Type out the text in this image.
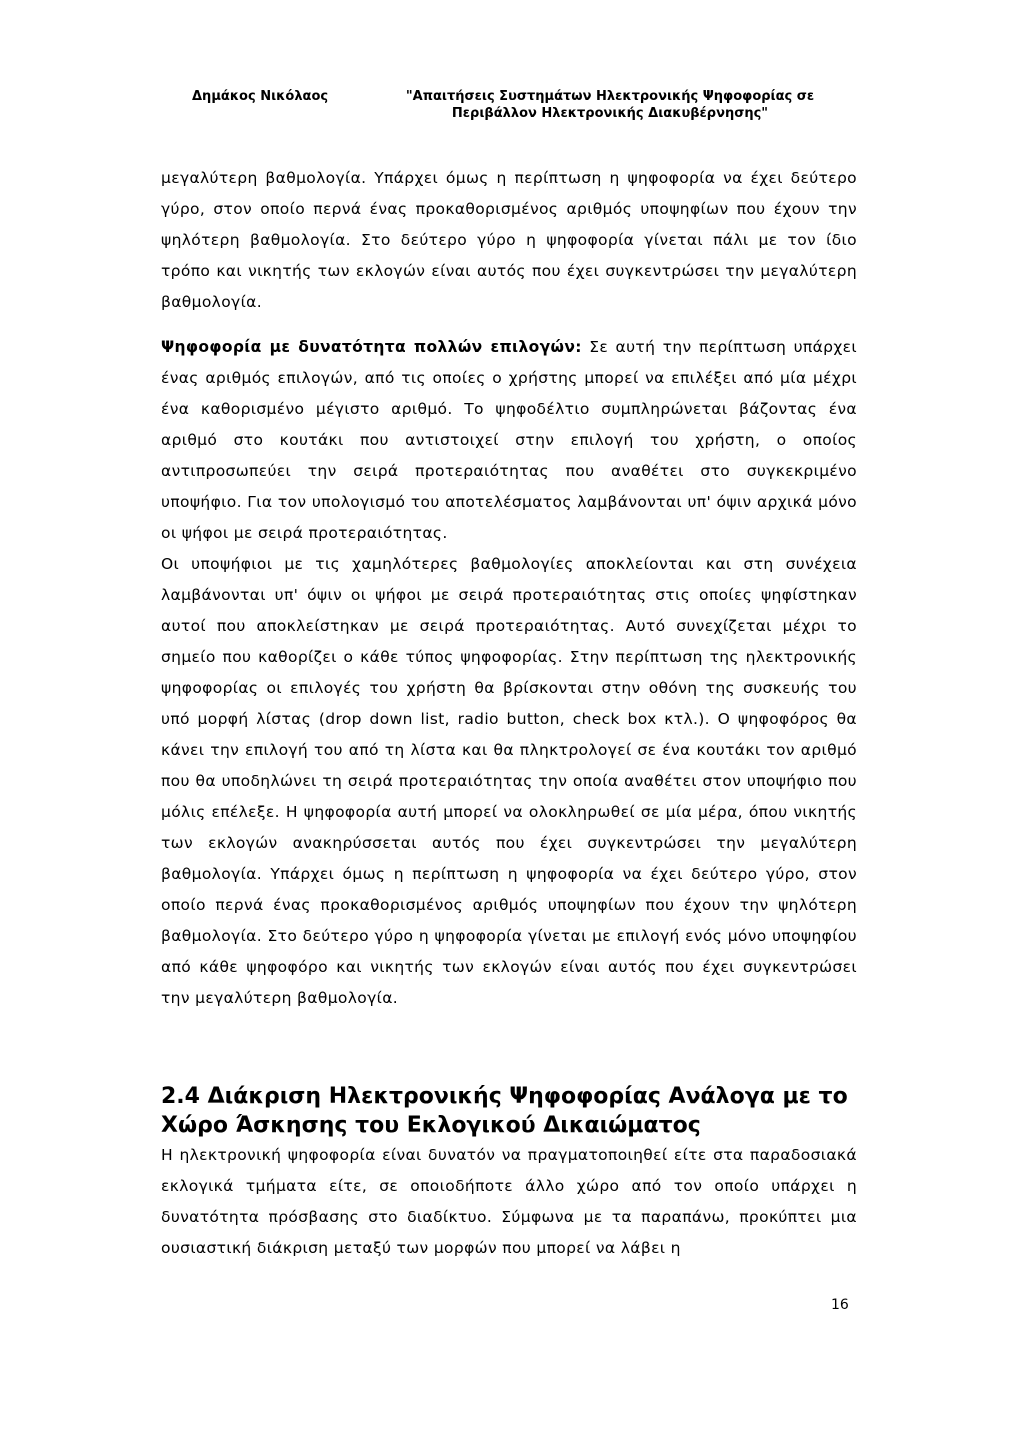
Δημάκος Νικόλαος	"Απαιτήσεις Συστημάτων Ηλεκτρονικής Ψηφοφορίας σε Περιβάλλον Ηλεκτρονικής Διακυβέρνησης"

μεγαλύτερη βαθμολογία. Υπάρχει όμως η περίπτωση η ψηφοφορία να έχει δεύτερο γύρο, στον οποίο περνά ένας προκαθορισμένος αριθμός υποψηφίων που έχουν την ψηλότερη βαθμολογία. Στο δεύτερο γύρο η ψηφοφορία γίνεται πάλι με τον ίδιο τρόπο και νικητής των εκλογών είναι αυτός που έχει συγκεντρώσει την μεγαλύτερη βαθμολογία.

Ψηφοφορία με δυνατότητα πολλών επιλογών: Σε αυτή την περίπτωση υπάρχει ένας αριθμός επιλογών, από τις οποίες ο χρήστης μπορεί να επιλέξει από μία μέχρι ένα καθορισμένο μέγιστο αριθμό. Το ψηφοδέλτιο συμπληρώνεται βάζοντας ένα αριθμό στο κουτάκι που αντιστοιχεί στην επιλογή του χρήστη, ο οποίος αντιπροσωπεύει την σειρά προτεραιότητας που αναθέτει στο συγκεκριμένο υποψήφιο. Για τον υπολογισμό του αποτελέσματος λαμβάνονται υπ' όψιν αρχικά μόνο οι ψήφοι με σειρά προτεραιότητας.

Οι υποψήφιοι με τις χαμηλότερες βαθμολογίες αποκλείονται και στη συνέχεια λαμβάνονται υπ' όψιν οι ψήφοι με σειρά προτεραιότητας στις οποίες ψηφίστηκαν αυτοί που αποκλείστηκαν με σειρά προτεραιότητας. Αυτό συνεχίζεται μέχρι το σημείο που καθορίζει ο κάθε τύπος ψηφοφορίας. Στην περίπτωση της ηλεκτρονικής ψηφοφορίας οι επιλογές του χρήστη θα βρίσκονται στην οθόνη της συσκευής του υπό μορφή λίστας (drop down list, radio button, check box κτλ.). Ο ψηφοφόρος θα κάνει την επιλογή του από τη λίστα και θα πληκτρολογεί σε ένα κουτάκι τον αριθμό που θα υποδηλώνει τη σειρά προτεραιότητας την οποία αναθέτει στον υποψήφιο που μόλις επέλεξε. Η ψηφοφορία αυτή μπορεί να ολοκληρωθεί σε μία μέρα, όπου νικητής των εκλογών ανακηρύσσεται αυτός που έχει συγκεντρώσει την μεγαλύτερη βαθμολογία. Υπάρχει όμως η περίπτωση η ψηφοφορία να έχει δεύτερο γύρο, στον οποίο περνά ένας προκαθορισμένος αριθμός υποψηφίων που έχουν την ψηλότερη βαθμολογία. Στο δεύτερο γύρο η ψηφοφορία γίνεται με επιλογή ενός μόνο υποψηφίου από κάθε ψηφοφόρο και νικητής των εκλογών είναι αυτός που έχει συγκεντρώσει την μεγαλύτερη βαθμολογία.

2.4 Διάκριση Ηλεκτρονικής Ψηφοφορίας Ανάλογα με το Χώρο Άσκησης του Εκλογικού Δικαιώματος

Η ηλεκτρονική ψηφοφορία είναι δυνατόν να πραγματοποιηθεί είτε στα παραδοσιακά εκλογικά τμήματα είτε, σε οποιοδήποτε άλλο χώρο από τον οποίο υπάρχει η δυνατότητα πρόσβασης στο διαδίκτυο. Σύμφωνα με τα παραπάνω, προκύπτει μια ουσιαστική διάκριση μεταξύ των μορφών που μπορεί να λάβει η

16
